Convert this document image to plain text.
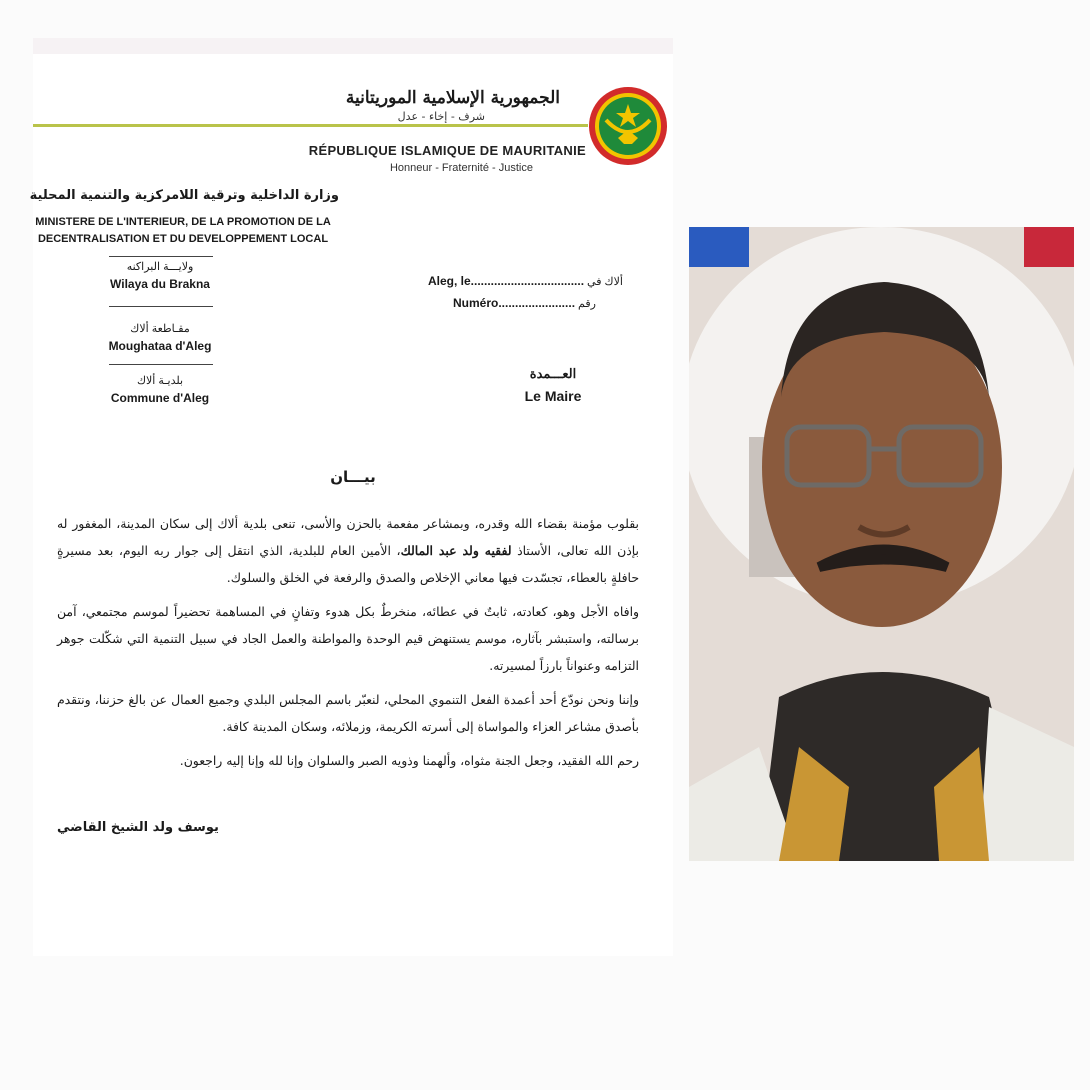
الجمهورية الإسلامية الموريتانية
شرف - إخاء - عدل
RÉPUBLIQUE ISLAMIQUE DE MAURITANIE
Honneur - Fraternité - Justice
وزارة الداخلية وترقية اللامركزية والتنمية المحلية
MINISTERE DE L'INTERIEUR, DE LA PROMOTION DE LA
DECENTRALISATION ET DU DEVELOPPEMENT LOCAL
ولايـــة البراكنه
Wilaya du Brakna
مقـاطعة ألاك
Moughataa d'Aleg
بلديـة ألاك
Commune d'Aleg
Aleg, le.................................. ألاك في
Numéro....................... رقم
العـــمدة
Le Maire
بيـــان

بقلوب مؤمنة بقضاء الله وقدره، وبمشاعر مفعمة بالحزن والأسى، تنعى بلدية ألاك إلى سكان المدينة، المغفور له بإذن الله تعالى، الأستاذ لفقيه ولد عبد المالك، الأمين العام للبلدية، الذي انتقل إلى جوار ربه اليوم، بعد مسيرةٍ حافلةٍ بالعطاء، تجسّدت فيها معاني الإخلاص والصدق والرفعة في الخلق والسلوك.

وافاه الأجل وهو، كعادته، ثابتٌ في عطائه، منخرطٌ بكل هدوء وتفانٍ في المساهمة تحضيراً لموسم مجتمعي، آمن برسالته، واستبشر بآثاره، موسم يستنهض قيم الوحدة والمواطنة والعمل الجاد في سبيل التنمية التي شكّلت جوهر التزامه وعنواناً بارزاً لمسيرته.

وإننا ونحن نودّع أحد أعمدة الفعل التنموي المحلي، لنعبّر باسم المجلس البلدي وجميع العمال عن بالغ حزننا، ونتقدم بأصدق مشاعر العزاء والمواساة إلى أسرته الكريمة، وزملائه، وسكان المدينة كافة.

رحم الله الفقيد، وجعل الجنة مثواه، وألهمنا وذويه الصبر والسلوان وإنا لله وإنا إليه راجعون.

يوسف ولد الشيخ القاضي
